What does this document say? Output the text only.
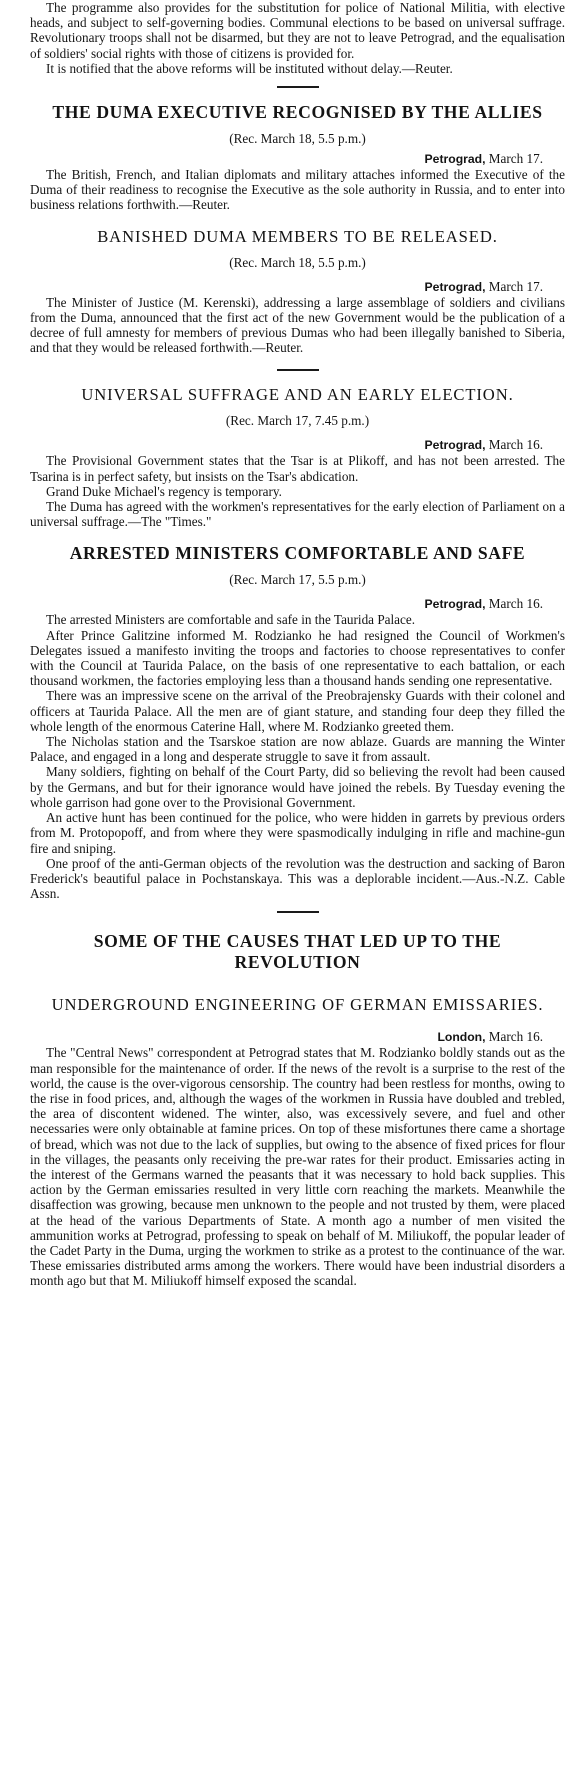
The programme also provides for the substitution for police of National Militia, with elective heads, and subject to self-governing bodies. Communal elections to be based on universal suffrage. Revolutionary troops shall not be disarmed, but they are not to leave Petrograd, and the equalisation of soldiers' social rights with those of citizens is provided for.

It is notified that the above reforms will be instituted without delay.—Reuter.

THE DUMA EXECUTIVE RECOGNISED BY THE ALLIES
(Rec. March 18, 5.5 p.m.)
Petrograd, March 17.

The British, French, and Italian diplomats and military attaches informed the Executive of the Duma of their readiness to recognise the Executive as the sole authority in Russia, and to enter into business relations forthwith.—Reuter.

BANISHED DUMA MEMBERS TO BE RELEASED.
(Rec. March 18, 5.5 p.m.)
Petrograd, March 17.

The Minister of Justice (M. Kerenski), addressing a large assemblage of soldiers and civilians from the Duma, announced that the first act of the new Government would be the publication of a decree of full amnesty for members of previous Dumas who had been illegally banished to Siberia, and that they would be released forthwith.—Reuter.

UNIVERSAL SUFFRAGE AND AN EARLY ELECTION.
(Rec. March 17, 7.45 p.m.)
Petrograd, March 16.

The Provisional Government states that the Tsar is at Plikoff, and has not been arrested. The Tsarina is in perfect safety, but insists on the Tsar's abdication.

Grand Duke Michael's regency is temporary.

The Duma has agreed with the workmen's representatives for the early election of Parliament on a universal suffrage.—The "Times."

ARRESTED MINISTERS COMFORTABLE AND SAFE
(Rec. March 17, 5.5 p.m.)
Petrograd, March 16.

The arrested Ministers are comfortable and safe in the Taurida Palace.

After Prince Galitzine informed M. Rodzianko he had resigned the Council of Workmen's Delegates issued a manifesto inviting the troops and factories to choose representatives to confer with the Council at Taurida Palace, on the basis of one representative to each battalion, or each thousand workmen, the factories employing less than a thousand hands sending one representative.

There was an impressive scene on the arrival of the Preobrajensky Guards with their colonel and officers at Taurida Palace. All the men are of giant stature, and standing four deep they filled the whole length of the enormous Caterine Hall, where M. Rodzianko greeted them.

The Nicholas station and the Tsarskoe station are now ablaze. Guards are manning the Winter Palace, and engaged in a long and desperate struggle to save it from assault.

Many soldiers, fighting on behalf of the Court Party, did so believing the revolt had been caused by the Germans, and but for their ignorance would have joined the rebels. By Tuesday evening the whole garrison had gone over to the Provisional Government.

An active hunt has been continued for the police, who were hidden in garrets by previous orders from M. Protopopoff, and from where they were spasmodically indulging in rifle and machine-gun fire and sniping.

One proof of the anti-German objects of the revolution was the destruction and sacking of Baron Frederick's beautiful palace in Pochstanskaya. This was a deplorable incident.—Aus.-N.Z. Cable Assn.

SOME OF THE CAUSES THAT LED UP TO THE
REVOLUTION
UNDERGROUND ENGINEERING OF GERMAN EMISSARIES.
London, March 16.

The "Central News" correspondent at Petrograd states that M. Rodzianko boldly stands out as the man responsible for the maintenance of order. If the news of the revolt is a surprise to the rest of the world, the cause is the over-vigorous censorship. The country had been restless for months, owing to the rise in food prices, and, although the wages of the workmen in Russia have doubled and trebled, the area of discontent widened. The winter, also, was excessively severe, and fuel and other necessaries were only obtainable at famine prices. On top of these misfortunes there came a shortage of bread, which was not due to the lack of supplies, but owing to the absence of fixed prices for flour in the villages, the peasants only receiving the pre-war rates for their product. Emissaries acting in the interest of the Germans warned the peasants that it was necessary to hold back supplies. This action by the German emissaries resulted in very little corn reaching the markets. Meanwhile the disaffection was growing, because men unknown to the people and not trusted by them, were placed at the head of the various Departments of State. A month ago a number of men visited the ammunition works at Petrograd, professing to speak on behalf of M. Miliukoff, the popular leader of the Cadet Party in the Duma, urging the workmen to strike as a protest to the continuance of the war. These emissaries distributed arms among the workers. There would have been industrial disorders a month ago but that M. Miliukoff himself exposed the scandal.
